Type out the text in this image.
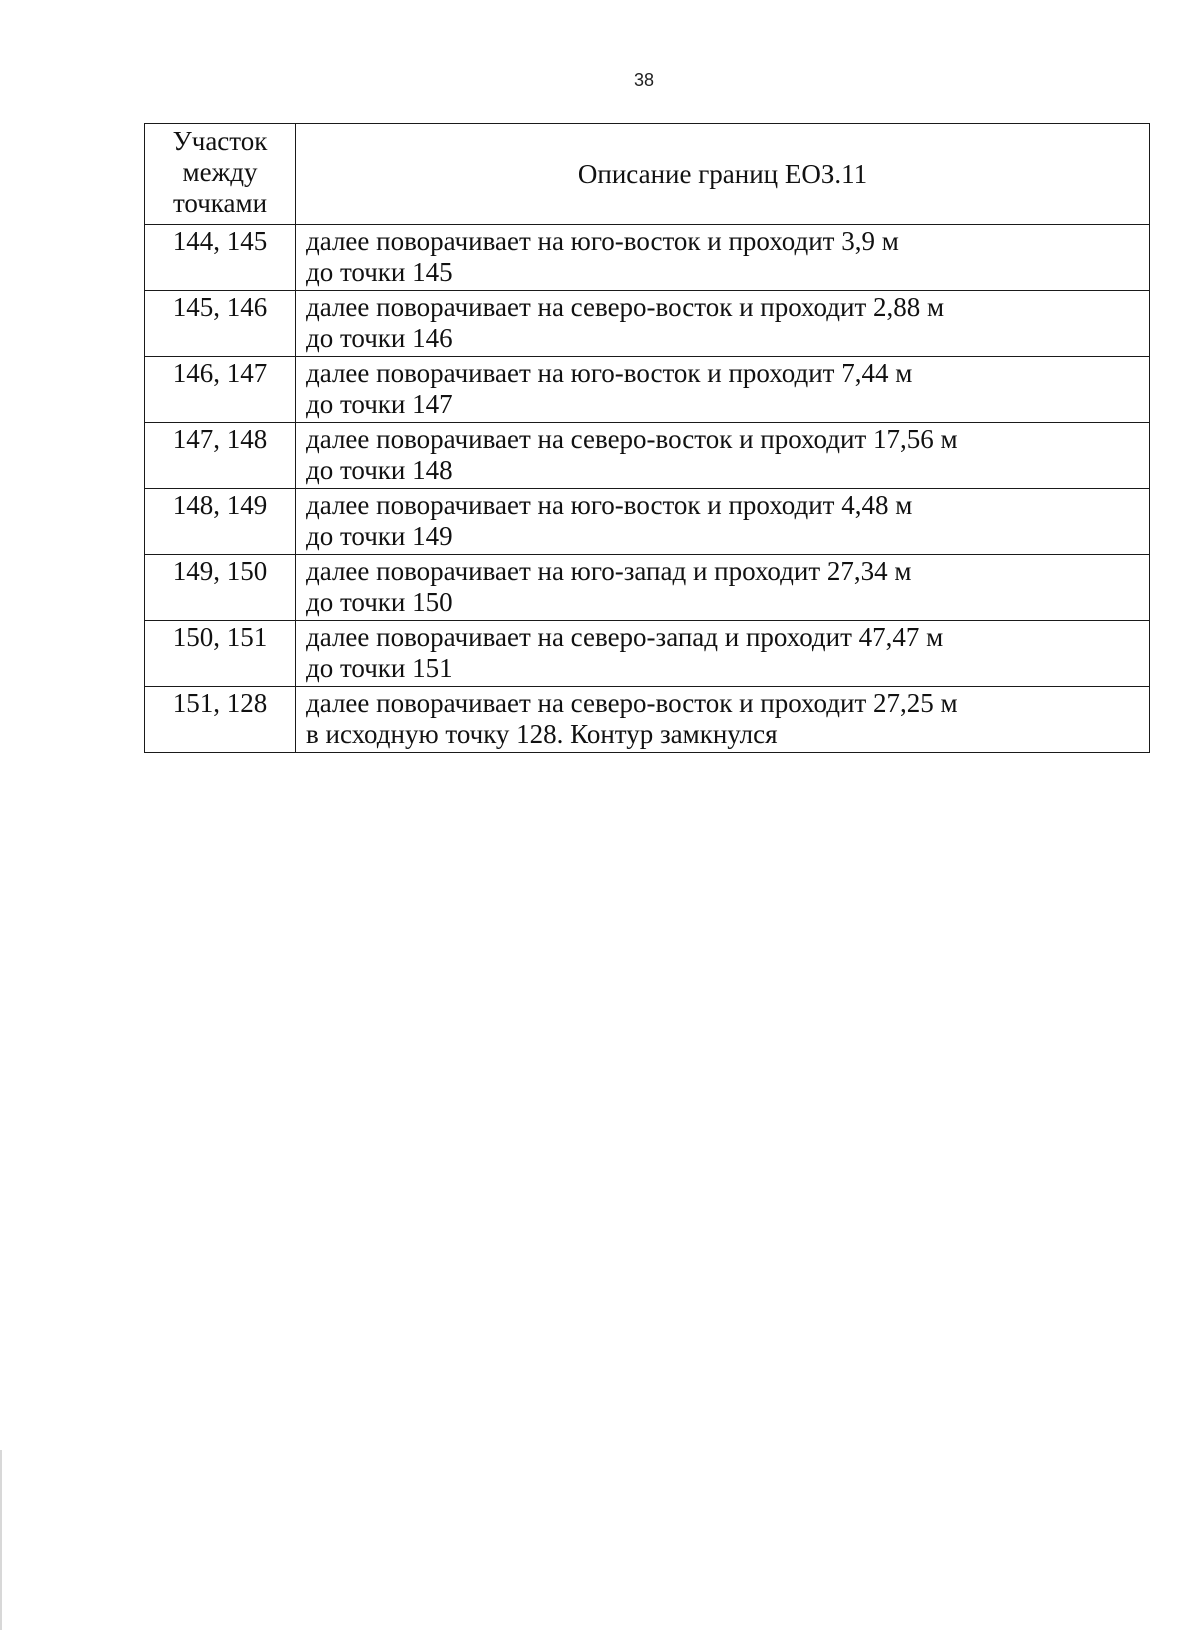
38
Участок
между
точками	Описание границ ЕОЗ.11
144, 145	далее поворачивает на юго-восток и проходит 3,9 м
до точки 145

145, 146	далее поворачивает на северо-восток и проходит 2,88 м
до точки 146

146, 147	далее поворачивает на юго-восток и проходит 7,44 м
до точки 147

147, 148	далее поворачивает на северо-восток и проходит 17,56 м
до точки 148

148, 149	далее поворачивает на юго-восток и проходит 4,48 м
до точки 149

149, 150	далее поворачивает на юго-запад и проходит 27,34 м
до точки 150

150, 151	далее поворачивает на северо-запад и проходит 47,47 м
до точки 151

151, 128	далее поворачивает на северо-восток и проходит 27,25 м
в исходную точку 128. Контур замкнулся
